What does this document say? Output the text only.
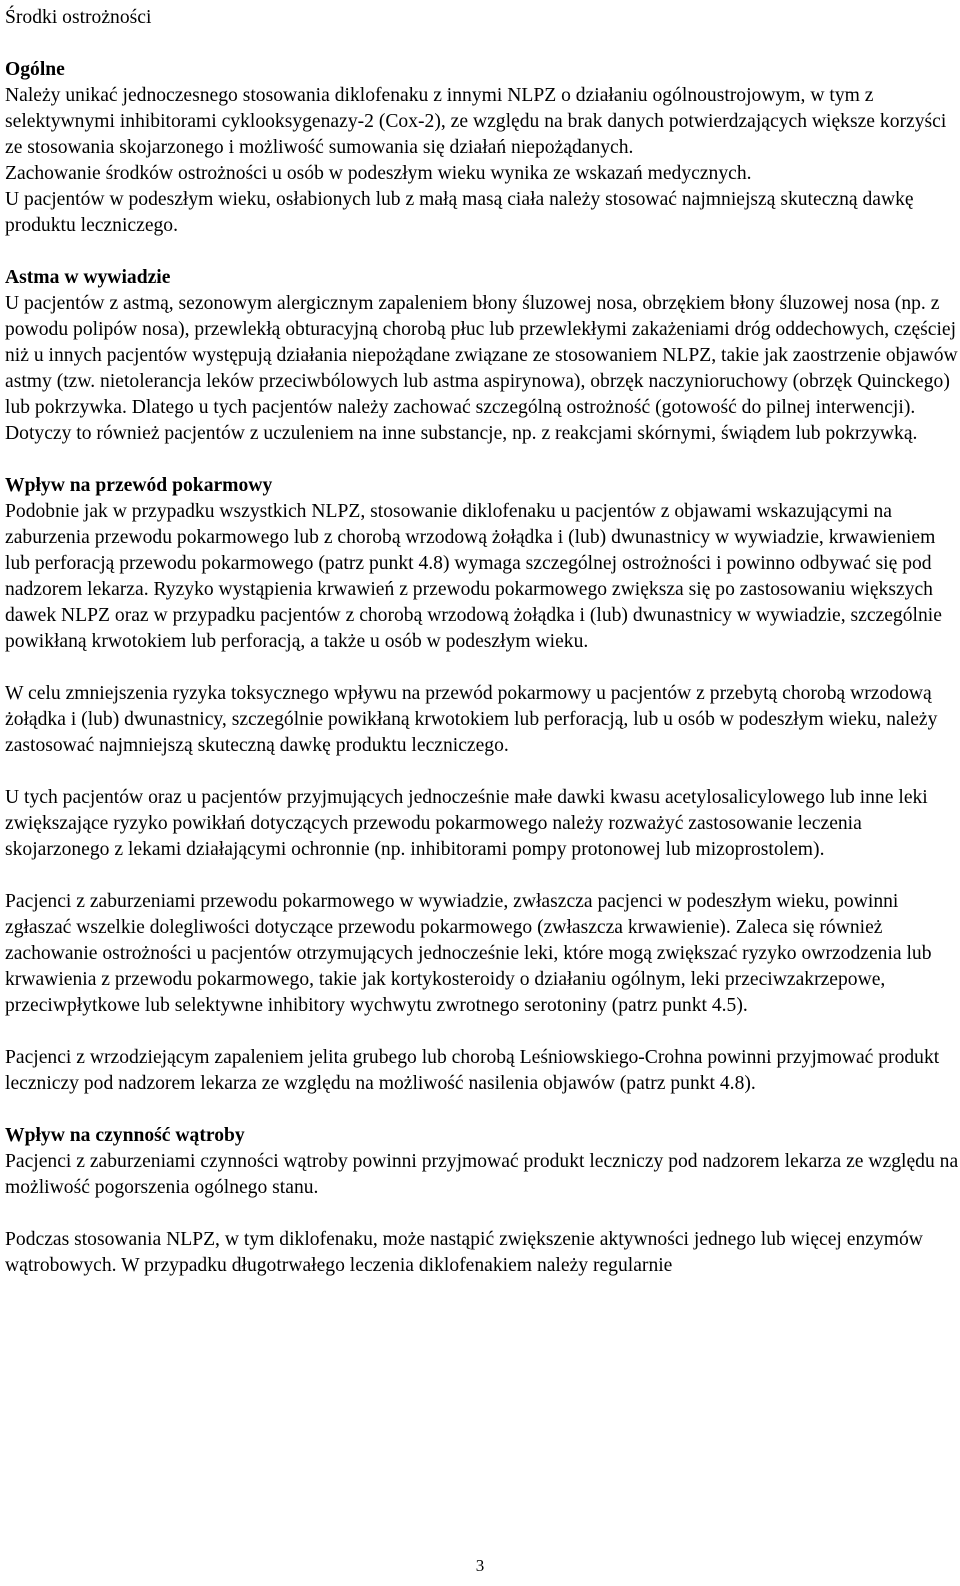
Środki ostrożności
Ogólne

Należy unikać jednoczesnego stosowania diklofenaku z innymi NLPZ o działaniu ogólnoustrojowym, w tym z selektywnymi inhibitorami cyklooksygenazy-2 (Cox-2), ze względu na brak danych potwierdzających większe korzyści ze stosowania skojarzonego i możliwość sumowania się działań niepożądanych.

Zachowanie środków ostrożności u osób w podeszłym wieku wynika ze wskazań medycznych.

U pacjentów w podeszłym wieku, osłabionych lub z małą masą ciała należy stosować najmniejszą skuteczną dawkę produktu leczniczego.

Astma w wywiadzie

U pacjentów z astmą, sezonowym alergicznym zapaleniem błony śluzowej nosa, obrzękiem błony śluzowej nosa (np. z powodu polipów nosa), przewlekłą obturacyjną chorobą płuc lub przewlekłymi zakażeniami dróg oddechowych, częściej niż u innych pacjentów występują działania niepożądane związane ze stosowaniem NLPZ, takie jak zaostrzenie objawów astmy (tzw. nietolerancja leków przeciwbólowych lub astma aspirynowa), obrzęk naczynioruchowy (obrzęk Quinckego) lub pokrzywka. Dlatego u tych pacjentów należy zachować szczególną ostrożność (gotowość do pilnej interwencji). Dotyczy to również pacjentów z uczuleniem na inne substancje, np. z reakcjami skórnymi, świądem lub pokrzywką.

Wpływ na przewód pokarmowy

Podobnie jak w przypadku wszystkich NLPZ, stosowanie diklofenaku u pacjentów z objawami wskazującymi na zaburzenia przewodu pokarmowego lub z chorobą wrzodową żołądka i (lub) dwunastnicy w wywiadzie, krwawieniem lub perforacją przewodu pokarmowego (patrz punkt 4.8) wymaga szczególnej ostrożności i powinno odbywać się pod nadzorem lekarza. Ryzyko wystąpienia krwawień z przewodu pokarmowego zwiększa się po zastosowaniu większych dawek NLPZ oraz w przypadku pacjentów z chorobą wrzodową żołądka i (lub) dwunastnicy w wywiadzie, szczególnie powikłaną krwotokiem lub perforacją, a także u osób w podeszłym wieku.

W celu zmniejszenia ryzyka toksycznego wpływu na przewód pokarmowy u pacjentów z przebytą chorobą wrzodową żołądka i (lub) dwunastnicy, szczególnie powikłaną krwotokiem lub perforacją, lub u osób w podeszłym wieku, należy zastosować najmniejszą skuteczną dawkę produktu leczniczego.

U tych pacjentów oraz u pacjentów przyjmujących jednocześnie małe dawki kwasu acetylosalicylowego lub inne leki zwiększające ryzyko powikłań dotyczących przewodu pokarmowego należy rozważyć zastosowanie leczenia skojarzonego z lekami działającymi ochronnie (np. inhibitorami pompy protonowej lub mizoprostolem).

Pacjenci z zaburzeniami przewodu pokarmowego w wywiadzie, zwłaszcza pacjenci w podeszłym wieku, powinni zgłaszać wszelkie dolegliwości dotyczące przewodu pokarmowego (zwłaszcza krwawienie). Zaleca się również zachowanie ostrożności u pacjentów otrzymujących jednocześnie leki, które mogą zwiększać ryzyko owrzodzenia lub krwawienia z przewodu pokarmowego, takie jak kortykosteroidy o działaniu ogólnym, leki przeciwzakrzepowe, przeciwpłytkowe lub selektywne inhibitory wychwytu zwrotnego serotoniny (patrz punkt 4.5).

Pacjenci z wrzodziejącym zapaleniem jelita grubego lub chorobą Leśniowskiego-Crohna powinni przyjmować produkt leczniczy pod nadzorem lekarza ze względu na możliwość nasilenia objawów (patrz punkt 4.8).

Wpływ na czynność wątroby

Pacjenci z zaburzeniami czynności wątroby powinni przyjmować produkt leczniczy pod nadzorem lekarza ze względu na możliwość pogorszenia ogólnego stanu.

Podczas stosowania NLPZ, w tym diklofenaku, może nastąpić zwiększenie aktywności jednego lub więcej enzymów wątrobowych. W przypadku długotrwałego leczenia diklofenakiem należy regularnie

3
